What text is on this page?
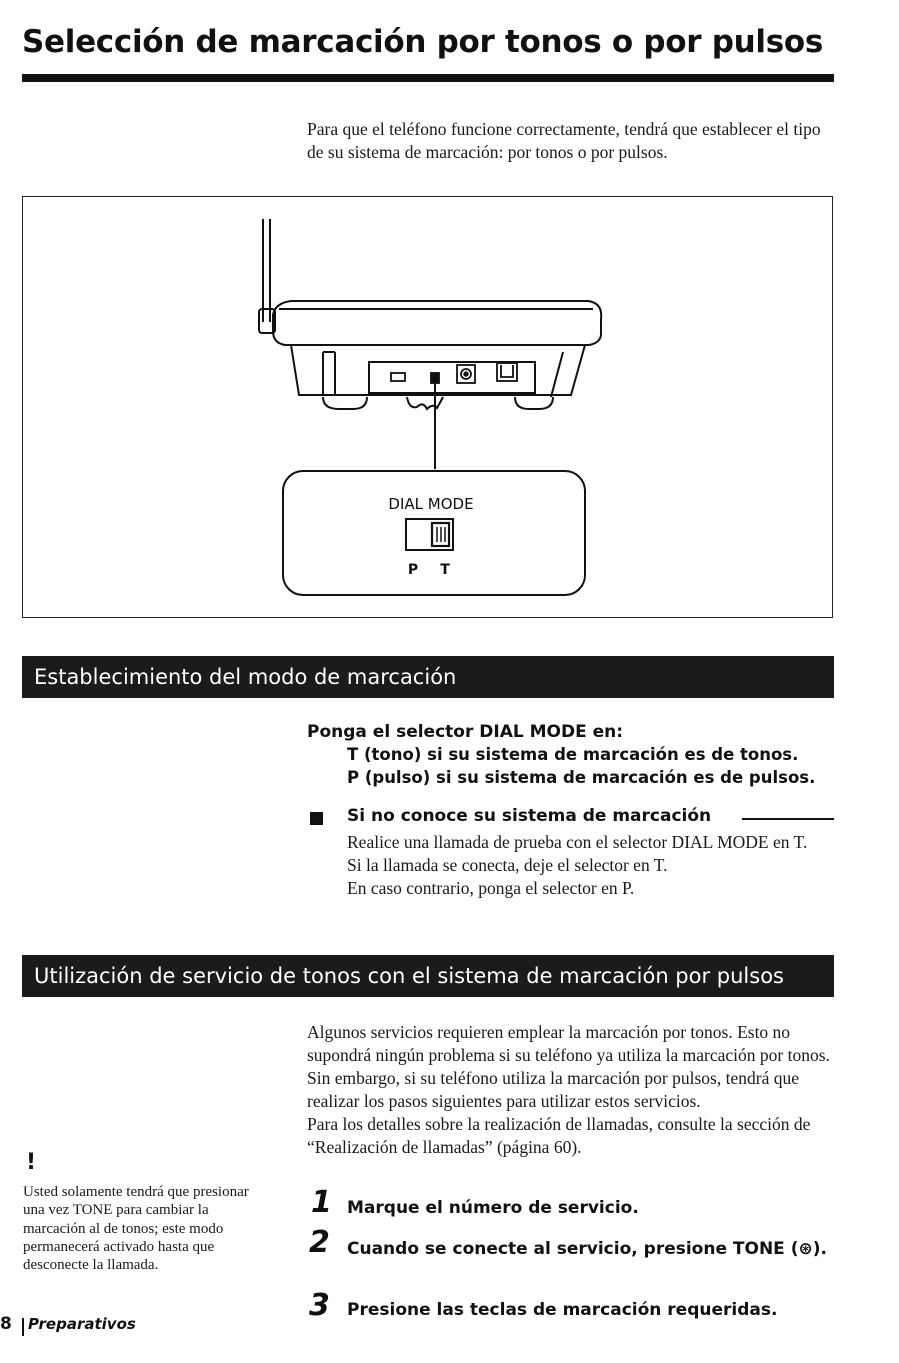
Selección de marcación por tonos o por pulsos

Para que el teléfono funcione correctamente, tendrá que establecer el tipo de su sistema de marcación: por tonos o por pulsos.

DIAL MODE
P T
Establecimiento del modo de marcación
Ponga el selector DIAL MODE en:
T (tono) si su sistema de marcación es de tonos.
P (pulso) si su sistema de marcación es de pulsos.
Si no conoce su sistema de marcación
Realice una llamada de prueba con el selector DIAL MODE en T.
Si la llamada se conecta, deje el selector en T.
En caso contrario, ponga el selector en P.
Utilización de servicio de tonos con el sistema de marcación por pulsos
Algunos servicios requieren emplear la marcación por tonos. Esto no supondrá ningún problema si su teléfono ya utiliza la marcación por tonos. Sin embargo, si su teléfono utiliza la marcación por pulsos, tendrá que realizar los pasos siguientes para utilizar estos servicios.
Para los detalles sobre la realización de llamadas, consulte la sección de “Realización de llamadas” (página 60).
1 Marque el número de servicio.
2 Cuando se conecte al servicio, presione TONE (⊛).
3 Presione las teclas de marcación requeridas.
!
Usted solamente tendrá que presionar una vez TONE para cambiar la marcación al de tonos; este modo permanecerá activado hasta que desconecte la llamada.
8 Preparativos
